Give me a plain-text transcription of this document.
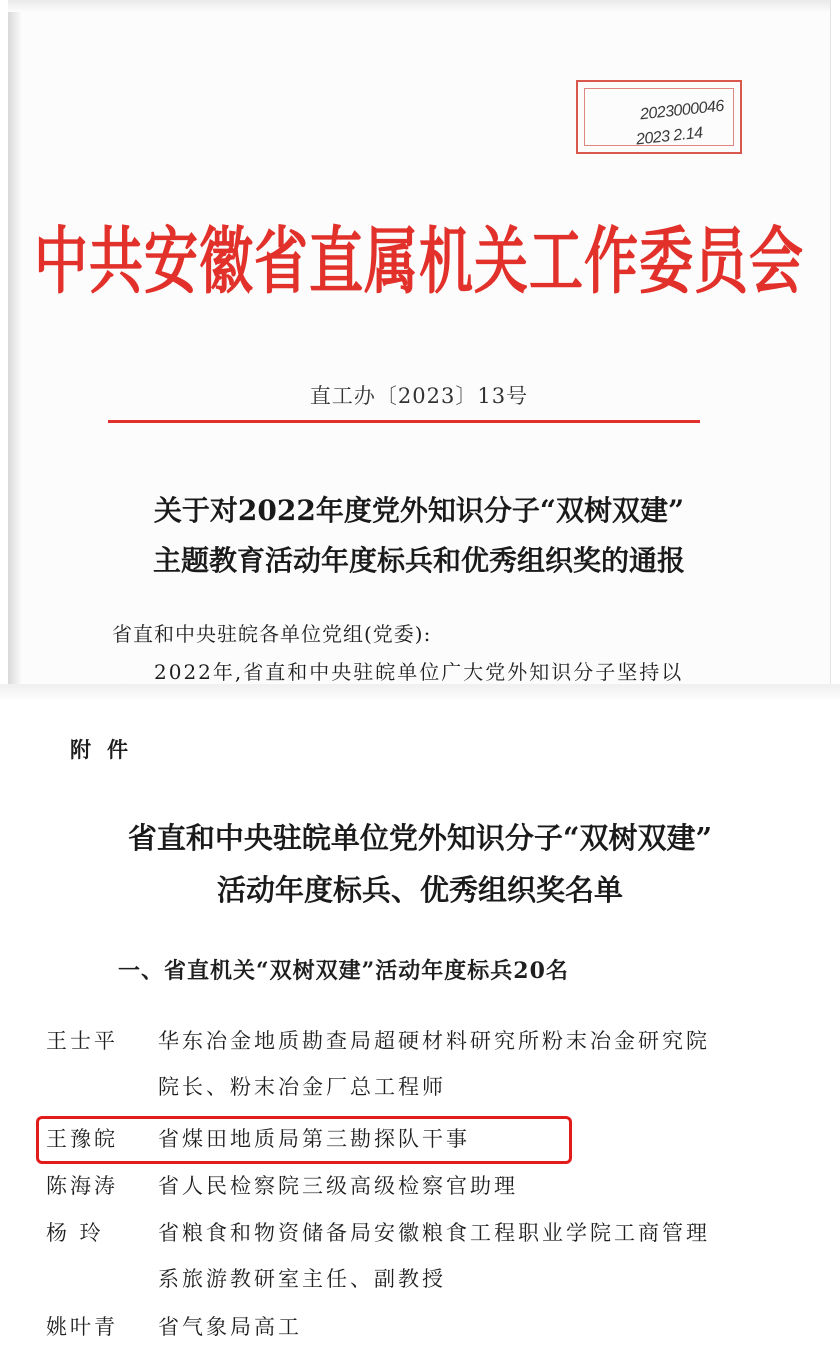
2023000046
2023 2.14
中共安徽省直属机关工作委员会
直工办〔2023〕13号
关于对2022年度党外知识分子“双树双建”
主题教育活动年度标兵和优秀组织奖的通报
省直和中央驻皖各单位党组(党委):
2022年,省直和中央驻皖单位广大党外知识分子坚持以
附件
省直和中央驻皖单位党外知识分子“双树双建”
活动年度标兵、优秀组织奖名单
一、省直机关“双树双建”活动年度标兵20名
王士平	华东冶金地质勘查局超硬材料研究所粉末冶金研究院院长、粉末冶金厂总工程师
王豫皖	省煤田地质局第三勘探队干事
陈海涛	省人民检察院三级高级检察官助理
杨 玲	省粮食和物资储备局安徽粮食工程职业学院工商管理系旅游教研室主任、副教授
姚叶青	省气象局高工
